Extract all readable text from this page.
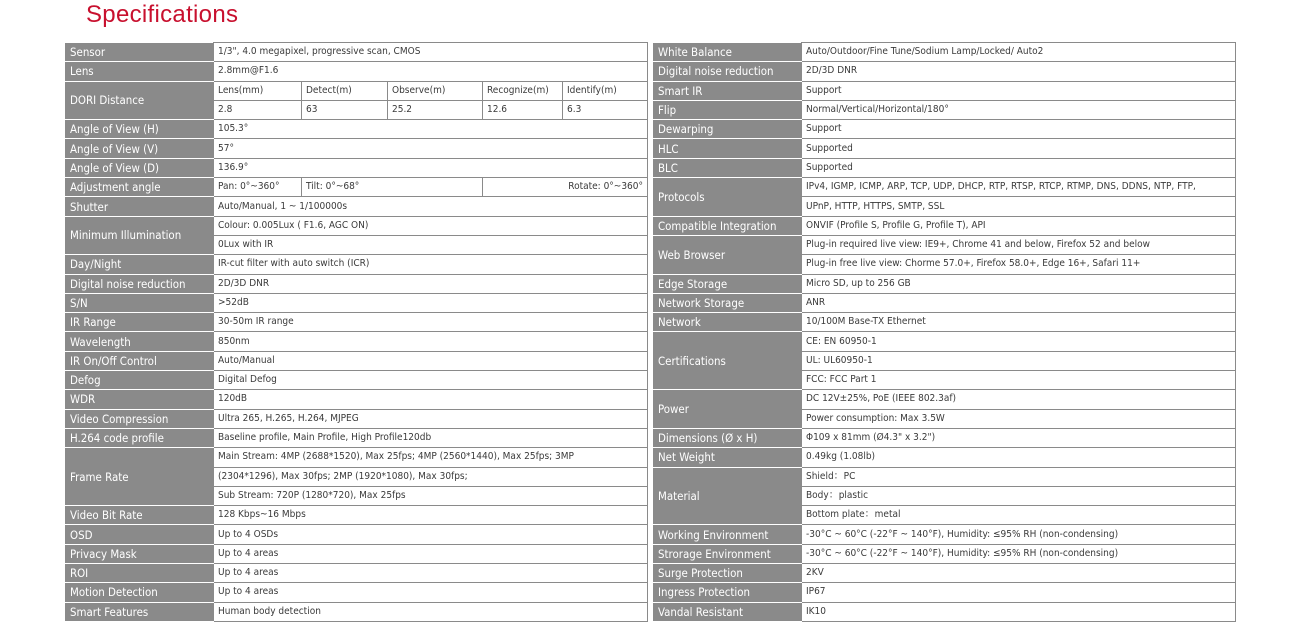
Specifications
Sensor	1/3", 4.0 megapixel, progressive scan, CMOS				
Lens	2.8mm@F1.6				
DORI Distance	Lens(mm)	Detect(m)	Observe(m)	Recognize(m)	Identify(m)
	2.8	63	25.2	12.6	6.3
Angle of View (H)	105.3°				
Angle of View (V)	57°				
Angle of View (D)	136.9°				
Adjustment angle	Pan: 0°~360°	Tilt: 0°~68°		Rotate: 0°~360°	
Shutter	Auto/Manual, 1 ~ 1/100000s				
Minimum Illumination	Colour: 0.005Lux ( F1.6, AGC ON)				
	0Lux with IR				
Day/Night	IR-cut filter with auto switch (ICR)				
Digital noise reduction	2D/3D DNR				
S/N	>52dB				
IR Range	30-50m IR range				
Wavelength	850nm				
IR On/Off Control	Auto/Manual				
Defog	Digital Defog				
WDR	120dB				
Video Compression	Ultra 265, H.265, H.264, MJPEG				
H.264 code profile	Baseline profile, Main Profile, High Profile120db				
Frame Rate	Main Stream: 4MP (2688*1520), Max 25fps; 4MP (2560*1440), Max 25fps; 3MP				
	(2304*1296), Max 30fps; 2MP (1920*1080), Max 30fps;				
	Sub Stream: 720P (1280*720), Max 25fps				
Video Bit Rate	128 Kbps~16 Mbps				
OSD	Up to 4 OSDs				
Privacy Mask	Up to 4 areas				
ROI	Up to 4 areas				
Motion Detection	Up to 4 areas				
Smart Features	Human body detection				
White Balance	Auto/Outdoor/Fine Tune/Sodium Lamp/Locked/ Auto2
Digital noise reduction	2D/3D DNR
Smart IR	Support
Flip	Normal/Vertical/Horizontal/180°
Dewarping	Support
HLC	Supported
BLC	Supported
Protocols	IPv4, IGMP, ICMP, ARP, TCP, UDP, DHCP, RTP, RTSP, RTCP, RTMP, DNS, DDNS, NTP, FTP,
	UPnP, HTTP, HTTPS, SMTP, SSL
Compatible Integration	ONVIF (Profile S, Profile G, Profile T), API
Web Browser	Plug-in required live view: IE9+, Chrome 41 and below, Firefox 52 and below
	Plug-in free live view: Chorme 57.0+, Firefox 58.0+, Edge 16+, Safari 11+
Edge Storage	Micro SD, up to 256 GB
Network Storage	ANR
Network	10/100M Base-TX Ethernet
Certifications	CE: EN 60950-1
	UL: UL60950-1
	FCC: FCC Part 1
Power	DC 12V±25%, PoE (IEEE 802.3af)
	Power consumption: Max 3.5W
Dimensions (Ø x H)	Φ109 x 81mm (Ø4.3" x 3.2")
Net Weight	0.49kg (1.08lb)
Material	Shield：PC
	Body：plastic
	Bottom plate：metal
Working Environment	-30°C ~ 60°C (-22°F ~ 140°F), Humidity: ≤95% RH (non-condensing)
Strorage Environment	-30°C ~ 60°C (-22°F ~ 140°F), Humidity: ≤95% RH (non-condensing)
Surge Protection	2KV
Ingress Protection	IP67
Vandal Resistant	IK10
